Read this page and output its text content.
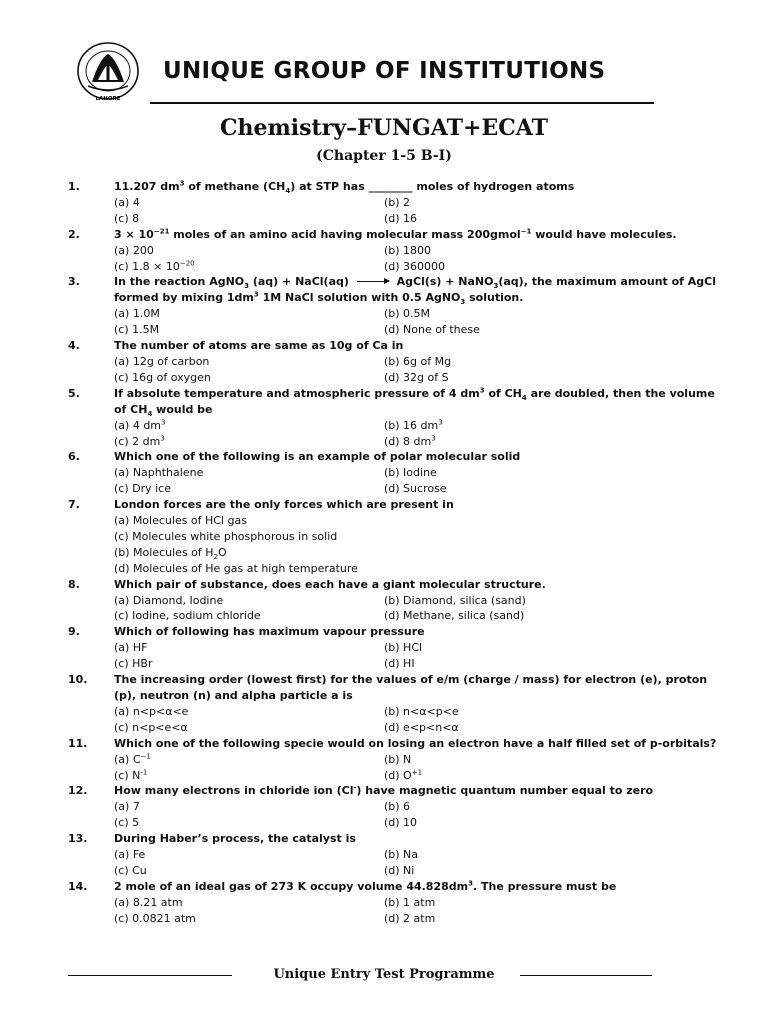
LAHORE
UNIQUE GROUP OF INSTITUTIONS
Chemistry–FUNGAT+ECAT
(Chapter 1-5 B-I)
1.	11.207 $dm^3$ of methane $(CH_4)$ at STP has ________ moles of hydrogen atoms
(a) 4	(b) 2
(c) 8	(d) 16
2.	$3 \times 10^{-21}$ moles of an amino acid having molecular mass 200gmol$^{-1}$ would have molecules.
(a) 200	(b) 1800
(c) $1.8 \times 10^{-20}$	(d) 360000
3.	In the reaction AgNO$_3$ (aq) + NaCl(aq) → AgCl(s) + NaNO$_3$(aq), the maximum amount of AgCl formed by mixing $1dm^3$ 1M NaCl solution with 0.5 AgNO$_3$ solution.
(a) 1.0M	(b) 0.5M
(c) 1.5M	(d) None of these
4.	The number of atoms are same as 10g of Ca in
(a) 12g of carbon	(b) 6g of Mg
(c) 16g of oxygen	(d) 32g of S
5.	If absolute temperature and atmospheric pressure of 4 $dm^3$ of $CH_4$ are doubled, then the volume of $CH_4$ would be
(a) 4 $dm^3$	(b) 16 $dm^3$
(c) 2 $dm^3$	(d) 8 $dm^3$
6.	Which one of the following is an example of polar molecular solid
(a) Naphthalene	(b) Iodine
(c) Dry ice	(d) Sucrose
7.	London forces are the only forces which are present in
(a) Molecules of HCl gas
(c) Molecules white phosphorous in solid
(b) Molecules of $H_2O$
(d) Molecules of He gas at high temperature
8.	Which pair of substance, does each have a giant molecular structure.
(a) Diamond, Iodine	(b) Diamond, silica (sand)
(c) Iodine, sodium chloride	(d) Methane, silica (sand)
9.	Which of following has maximum vapour pressure
(a) HF	(b) HCl
(c) HBr	(d) HI
10. The increasing order (lowest first) for the values of e/m (charge / mass) for electron (e), proton (p), neutron (n) and alpha particle a is
(a) n<p<α<e	(b) n<α<p<e
(c) n<p<e<α	(d) e<p<n<α
11. Which one of the following specie would on losing an electron have a half filled set of p-orbitals?
(a) $C^{-1}$	(b) N
(c) $N^{-1}$	(d) $O^{+1}$
12. How many electrons in chloride ion (Cl-) have magnetic quantum number equal to zero
(a) 7	(b) 6
(c) 5	(d) 10
13. During Haber’s process, the catalyst is
(a) Fe	(b) Na
(c) Cu	(d) Ni
14. 2 mole of an ideal gas of 273 K occupy volume $44.828dm^3$. The pressure must be
(a) 8.21 atm	(b) 1 atm
(c) 0.0821 atm	(d) 2 atm
Unique Entry Test Programme
